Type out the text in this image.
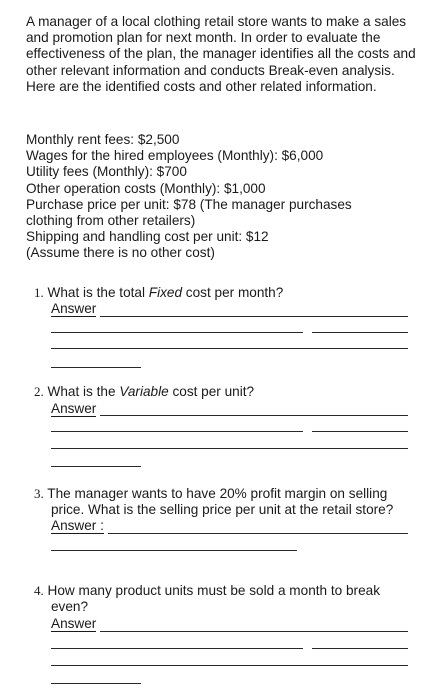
A manager of a local clothing retail store wants to make a sales and promotion plan for next month. In order to evaluate the effectiveness of the plan, the manager identifies all the costs and other relevant information and conducts Break-even analysis. Here are the identified costs and other related information.
Monthly rent fees: $2,500
Wages for the hired employees (Monthly): $6,000
Utility fees (Monthly): $700
Other operation costs (Monthly): $1,000
Purchase price per unit: $78 (The manager purchases
clothing from other retailers)
Shipping and handling cost per unit: $12
(Assume there is no other cost)
1. What is the total Fixed cost per month?
Answer
2. What is the Variable cost per unit?
Answer
3. The manager wants to have 20% profit margin on selling
price. What is the selling price per unit at the retail store?
Answer :
4. How many product units must be sold a month to break
even?
Answer
